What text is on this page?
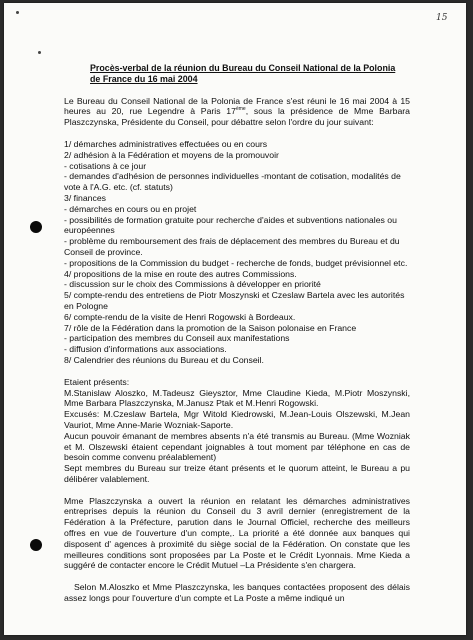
15
Procès-verbal de la réunion du Bureau du Conseil National de la Polonia
de France du 16 mai 2004
Le Bureau du Conseil National de la Polonia de France s'est réuni le 16 mai 2004 à 15 heures au 20, rue Legendre à Paris 17ème, sous la présidence de Mme Barbara Plaszczynska, Présidente du Conseil, pour débattre selon l'ordre du jour suivant:
1/ démarches administratives effectuées ou en cours
2/ adhésion à la Fédération et moyens de la promouvoir
- cotisations à ce jour
- demandes d'adhésion de personnes individuelles -montant de cotisation, modalités de vote à l'A.G. etc. (cf. statuts)
3/ finances
- démarches en cours ou en projet
- possibilités de formation gratuite pour recherche d'aides et subventions nationales ou européennes
- problème du remboursement des frais de déplacement des membres du Bureau et du Conseil de province.
- propositions de la Commission du budget - recherche de fonds, budget prévisionnel etc.
4/ propositions de la mise en route des autres Commissions.
- discussion sur le choix des Commissions à développer en priorité
5/ compte-rendu des entretiens de Piotr Moszynski et Czeslaw Bartela avec les autorités en Pologne
6/ compte-rendu de la visite de Henri Rogowski à Bordeaux.
7/ rôle de la Fédération dans la promotion de la Saison polonaise en France
- participation des membres du Conseil aux manifestations
- diffusion d'informations aux associations.
8/ Calendrier des réunions du Bureau et du Conseil.
Etaient présents:
M.Stanislaw Aloszko, M.Tadeusz Gieysztor, Mme Claudine Kieda, M.Piotr Moszynski, Mme Barbara Plaszczynska, M.Janusz Ptak et M.Henri Rogowski.
Excusés: M.Czeslaw Bartela, Mgr Witold Kiedrowski, M.Jean-Louis Olszewski, M.Jean Vauriot, Mme Anne-Marie Wozniak-Saporte.
Aucun pouvoir émanant de membres absents n'a été transmis au Bureau. (Mme Wozniak et M. Olszewski étaient cependant joignables à tout moment par téléphone en cas de besoin comme convenu préalablement)
Sept membres du Bureau sur treize étant présents et le quorum atteint, le Bureau a pu délibérer valablement.
Mme Plaszczynska a ouvert la réunion en relatant les démarches administratives entreprises depuis la réunion du Conseil du 3 avril dernier (enregistrement de la Fédération à la Préfecture, parution dans le Journal Officiel, recherche des meilleurs offres en vue de l'ouverture d'un compte,. La priorité a été donnée aux banques qui disposent d' agences à proximité du siège social de la Fédération. On constate que les meilleures conditions sont proposées par La Poste et le Crédit Lyonnais. Mme Kieda a suggéré de contacter encore le Crédit Mutuel –La Présidente s'en chargera.
Selon M.Aloszko et Mme Plaszczynska, les banques contactées proposent des délais assez longs pour l'ouverture d'un compte et La Poste a même indiqué un
